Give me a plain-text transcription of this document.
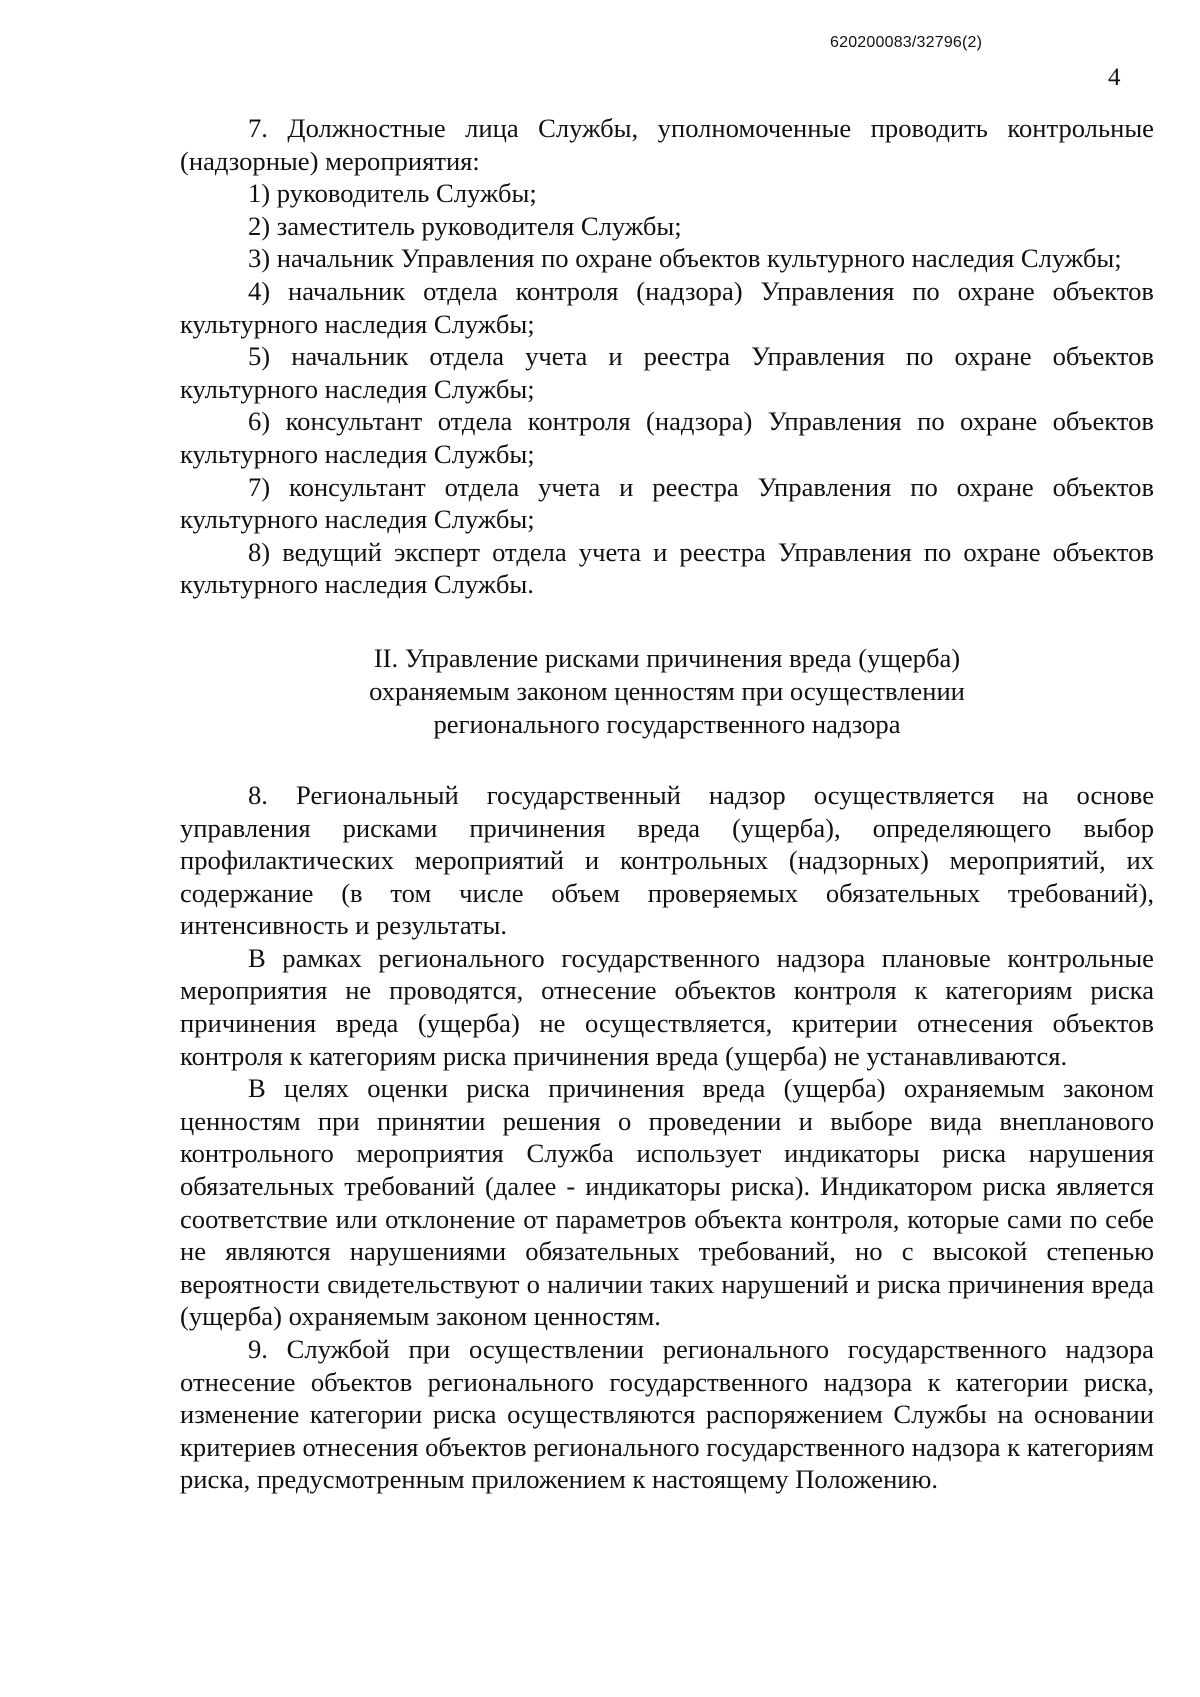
620200083/32796(2)
4

7. Должностные лица Службы, уполномоченные проводить контрольные (надзорные) мероприятия:

1) руководитель Службы;

2) заместитель руководителя Службы;

3) начальник Управления по охране объектов культурного наследия Службы;

4) начальник отдела контроля (надзора) Управления по охране объектов культурного наследия Службы;

5) начальник отдела учета и реестра Управления по охране объектов культурного наследия Службы;

6) консультант отдела контроля (надзора) Управления по охране объектов культурного наследия Службы;

7) консультант отдела учета и реестра Управления по охране объектов культурного наследия Службы;

8) ведущий эксперт отдела учета и реестра Управления по охране объектов культурного наследия Службы.

II. Управление рисками причинения вреда (ущерба)
охраняемым законом ценностям при осуществлении
регионального государственного надзора

8. Региональный государственный надзор осуществляется на основе управления рисками причинения вреда (ущерба), определяющего выбор профилактических мероприятий и контрольных (надзорных) мероприятий, их содержание (в том числе объем проверяемых обязательных требований), интенсивность и результаты.

В рамках регионального государственного надзора плановые контрольные мероприятия не проводятся, отнесение объектов контроля к категориям риска причинения вреда (ущерба) не осуществляется, критерии отнесения объектов контроля к категориям риска причинения вреда (ущерба) не устанавливаются.

В целях оценки риска причинения вреда (ущерба) охраняемым законом ценностям при принятии решения о проведении и выборе вида внепланового контрольного мероприятия Служба использует индикаторы риска нарушения обязательных требований (далее - индикаторы риска). Индикатором риска является соответствие или отклонение от параметров объекта контроля, которые сами по себе не являются нарушениями обязательных требований, но с высокой степенью вероятности свидетельствуют о наличии таких нарушений и риска причинения вреда (ущерба) охраняемым законом ценностям.

9. Службой при осуществлении регионального государственного надзора отнесение объектов регионального государственного надзора к категории риска, изменение категории риска осуществляются распоряжением Службы на основании критериев отнесения объектов регионального государственного надзора к категориям риска, предусмотренным приложением к настоящему Положению.
